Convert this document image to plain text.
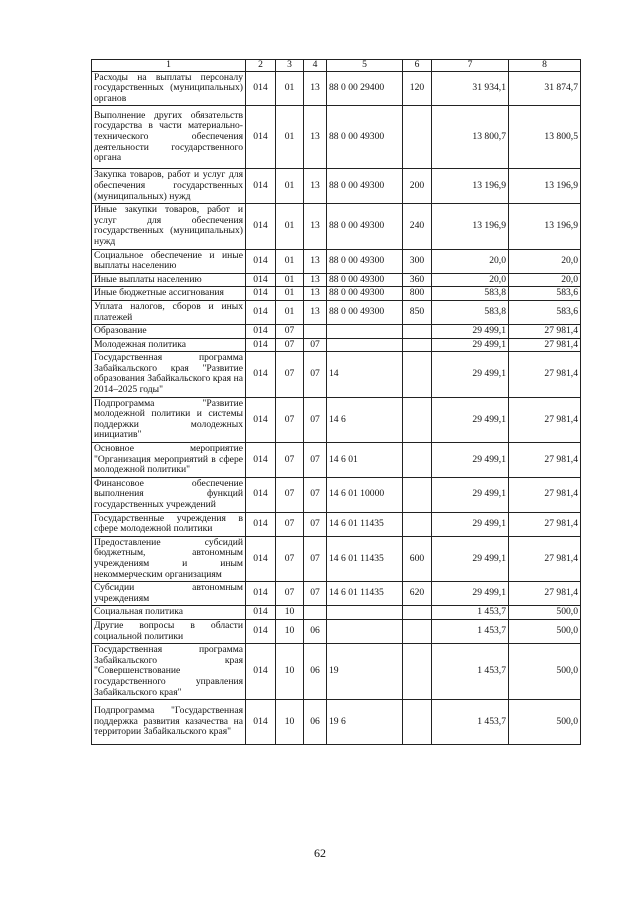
1	2	3	4	5	6	7	8
Расходы на выплаты персоналу государственных (муниципальных) органов	014	01	13	88 0 00 29400	120	31 934,1	31 874,7
Выполнение других обязательств государства в части материально-технического обеспечения деятельности государственного органа	014	01	13	88 0 00 49300		13 800,7	13 800,5
Закупка товаров, работ и услуг для обеспечения государственных (муниципальных) нужд	014	01	13	88 0 00 49300	200	13 196,9	13 196,9
Иные закупки товаров, работ и услуг для обеспечения государственных (муниципальных) нужд	014	01	13	88 0 00 49300	240	13 196,9	13 196,9
Социальное обеспечение и иные выплаты населению	014	01	13	88 0 00 49300	300	20,0	20,0
Иные выплаты населению	014	01	13	88 0 00 49300	360	20,0	20,0
Иные бюджетные ассигнования	014	01	13	88 0 00 49300	800	583,8	583,6
Уплата налогов, сборов и иных платежей	014	01	13	88 0 00 49300	850	583,8	583,6
Образование	014	07				29 499,1	27 981,4
Молодежная политика	014	07	07			29 499,1	27 981,4
Государственная программа Забайкальского края "Развитие образования Забайкальского края на 2014–2025 годы"	014	07	07	14		29 499,1	27 981,4
Подпрограмма "Развитие молодежной политики и системы поддержки молодежных инициатив"	014	07	07	14 6		29 499,1	27 981,4
Основное мероприятие "Организация мероприятий в сфере молодежной политики"	014	07	07	14 6 01		29 499,1	27 981,4
Финансовое обеспечение выполнения функций государственных учреждений	014	07	07	14 6 01 10000		29 499,1	27 981,4
Государственные учреждения в сфере молодежной политики	014	07	07	14 6 01 11435		29 499,1	27 981,4
Предоставление субсидий бюджетным, автономным учреждениям и иным некоммерческим организациям	014	07	07	14 6 01 11435	600	29 499,1	27 981,4
Субсидии автономным учреждениям	014	07	07	14 6 01 11435	620	29 499,1	27 981,4
Социальная политика	014	10				1 453,7	500,0
Другие вопросы в области социальной политики	014	10	06			1 453,7	500,0
Государственная программа Забайкальского края "Совершенствование государственного управления Забайкальского края"	014	10	06	19		1 453,7	500,0
Подпрограмма "Государственная поддержка развития казачества на территории Забайкальского края"	014	10	06	19 6		1 453,7	500,0
62
